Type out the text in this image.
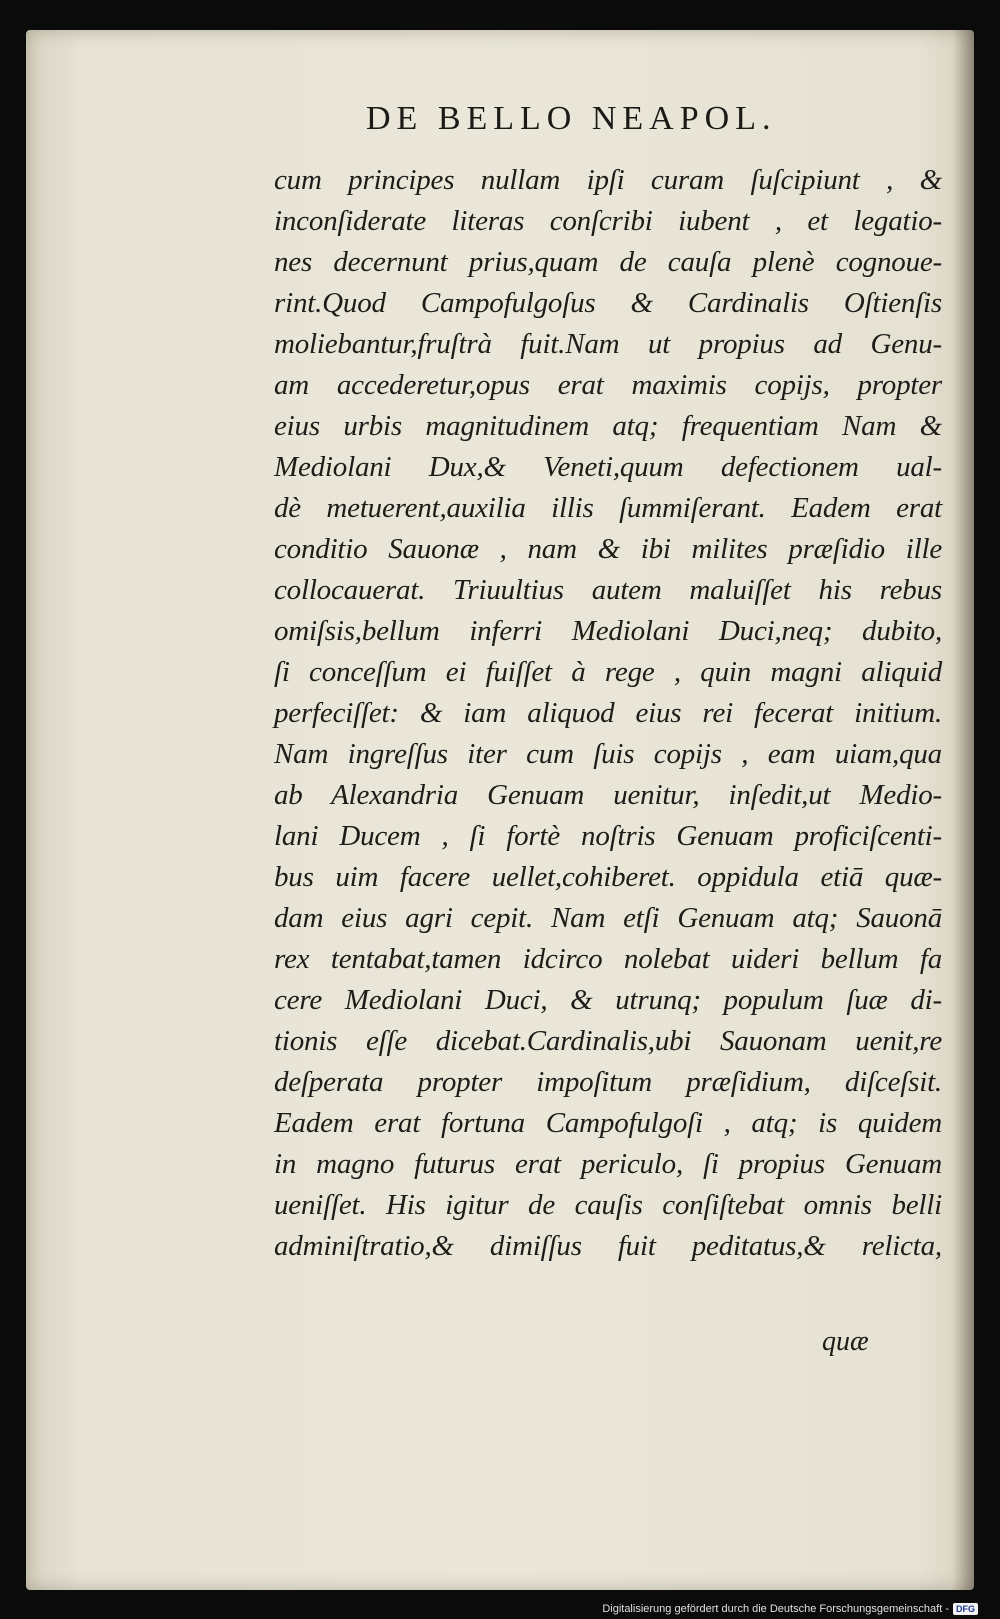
DE BELLO NEAPOL.
cum principes nullam ipſi curam ſuſcipiunt , &
inconſiderate literas conſcribi iubent , et legatio-
nes decernunt prius,quam de cauſa plenè cognoue-
rint.Quod Campofulgoſus & Cardinalis Oſtienſis
moliebantur,fruſtrà fuit.Nam ut propius ad Genu-
am accederetur,opus erat maximis copijs, propter
eius urbis magnitudinem atq; frequentiam Nam &
Mediolani Dux,& Veneti,quum defectionem ual-
dè metuerent,auxilia illis ſummiſerant. Eadem erat
conditio Sauonæ , nam & ibi milites præſidio ille
collocauerat. Triuultius autem maluiſſet his rebus
omiſsis,bellum inferri Mediolani Duci,neq; dubito,
ſi conceſſum ei fuiſſet à rege , quin magni aliquid
perfeciſſet: & iam aliquod eius rei fecerat initium.
Nam ingreſſus iter cum ſuis copijs , eam uiam,qua
ab Alexandria Genuam uenitur, inſedit,ut Medio-
lani Ducem , ſi fortè noſtris Genuam proficiſcenti-
bus uim facere uellet,cohiberet. oppidula etiā quæ-
dam eius agri cepit. Nam etſi Genuam atq; Sauonā
rex tentabat,tamen idcirco nolebat uideri bellum fa
cere Mediolani Duci, & utrunq; populum ſuæ di-
tionis eſſe dicebat.Cardinalis,ubi Sauonam uenit,re
deſperata propter impoſitum præſidium, diſceſsit.
Eadem erat fortuna Campofulgoſi , atq; is quidem
in magno futurus erat periculo, ſi propius Genuam
ueniſſet. His igitur de cauſis conſiſtebat omnis belli
adminiſtratio,& dimiſſus fuit peditatus,& relicta,
quæ
Digitalisierung gefördert durch die Deutsche Forschungsgemeinschaft - DFG
